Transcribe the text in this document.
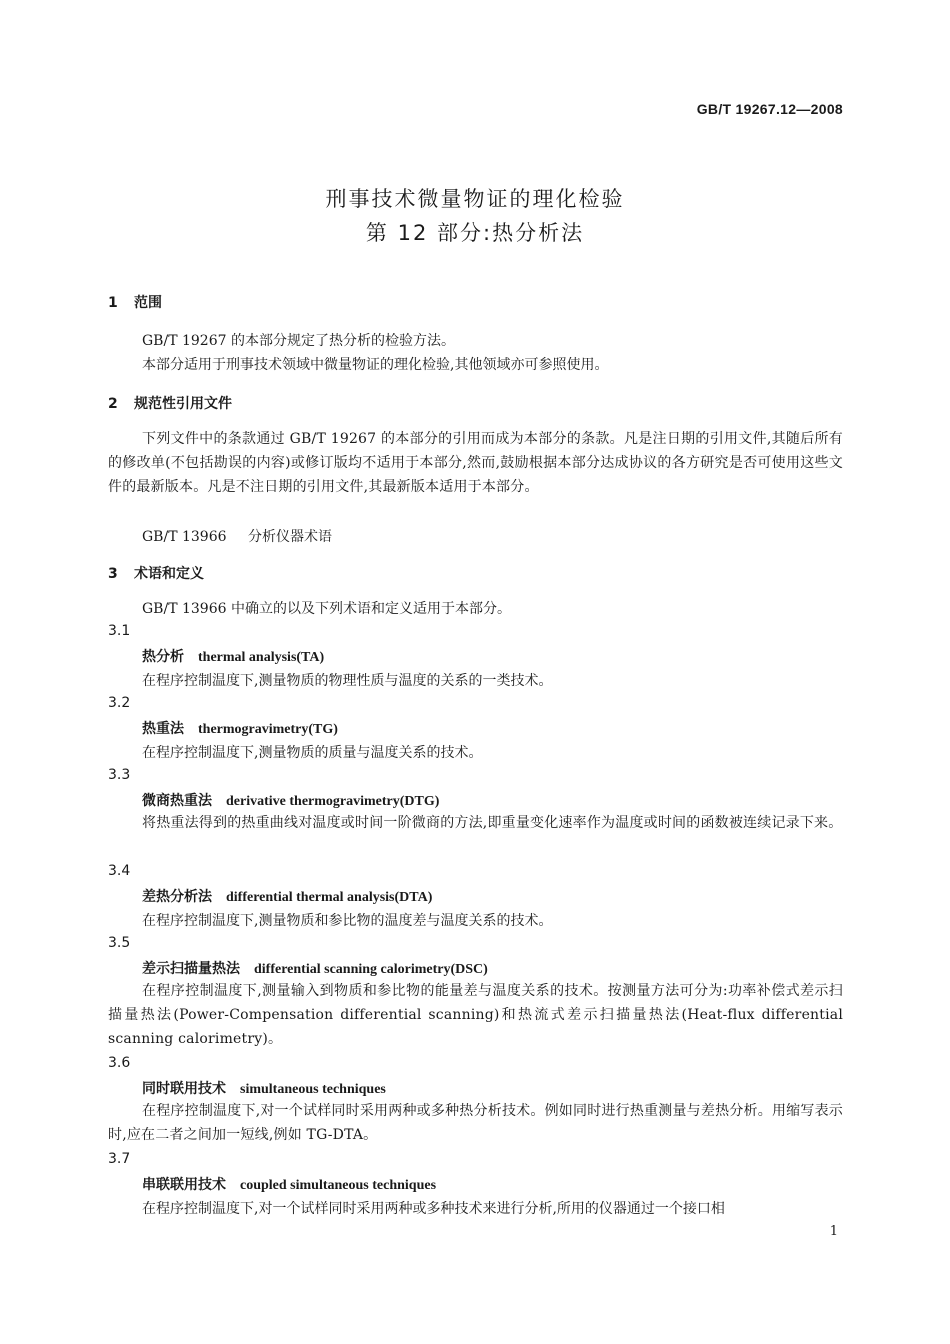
GB/T 19267.12—2008
刑事技术微量物证的理化检验
第 12 部分:热分析法
1 范围
GB/T 19267 的本部分规定了热分析的检验方法。
本部分适用于刑事技术领域中微量物证的理化检验,其他领域亦可参照使用。
2 规范性引用文件
下列文件中的条款通过 GB/T 19267 的本部分的引用而成为本部分的条款。凡是注日期的引用文件,其随后所有的修改单(不包括勘误的内容)或修订版均不适用于本部分,然而,鼓励根据本部分达成协议的各方研究是否可使用这些文件的最新版本。凡是不注日期的引用文件,其最新版本适用于本部分。
GB/T 13966 分析仪器术语
3 术语和定义
GB/T 13966 中确立的以及下列术语和定义适用于本部分。
3.1
热分析 thermal analysis(TA)
在程序控制温度下,测量物质的物理性质与温度的关系的一类技术。
3.2
热重法 thermogravimetry(TG)
在程序控制温度下,测量物质的质量与温度关系的技术。
3.3
微商热重法 derivative thermogravimetry(DTG)
将热重法得到的热重曲线对温度或时间一阶微商的方法,即重量变化速率作为温度或时间的函数被连续记录下来。
3.4
差热分析法 differential thermal analysis(DTA)
在程序控制温度下,测量物质和参比物的温度差与温度关系的技术。
3.5
差示扫描量热法 differential scanning calorimetry(DSC)
在程序控制温度下,测量输入到物质和参比物的能量差与温度关系的技术。按测量方法可分为:功率补偿式差示扫描量热法(Power-Compensation differential scanning)和热流式差示扫描量热法(Heat-flux differential scanning calorimetry)。
3.6
同时联用技术 simultaneous techniques
在程序控制温度下,对一个试样同时采用两种或多种热分析技术。例如同时进行热重测量与差热分析。用缩写表示时,应在二者之间加一短线,例如 TG-DTA。
3.7
串联联用技术 coupled simultaneous techniques
在程序控制温度下,对一个试样同时采用两种或多种技术来进行分析,所用的仪器通过一个接口相
1
